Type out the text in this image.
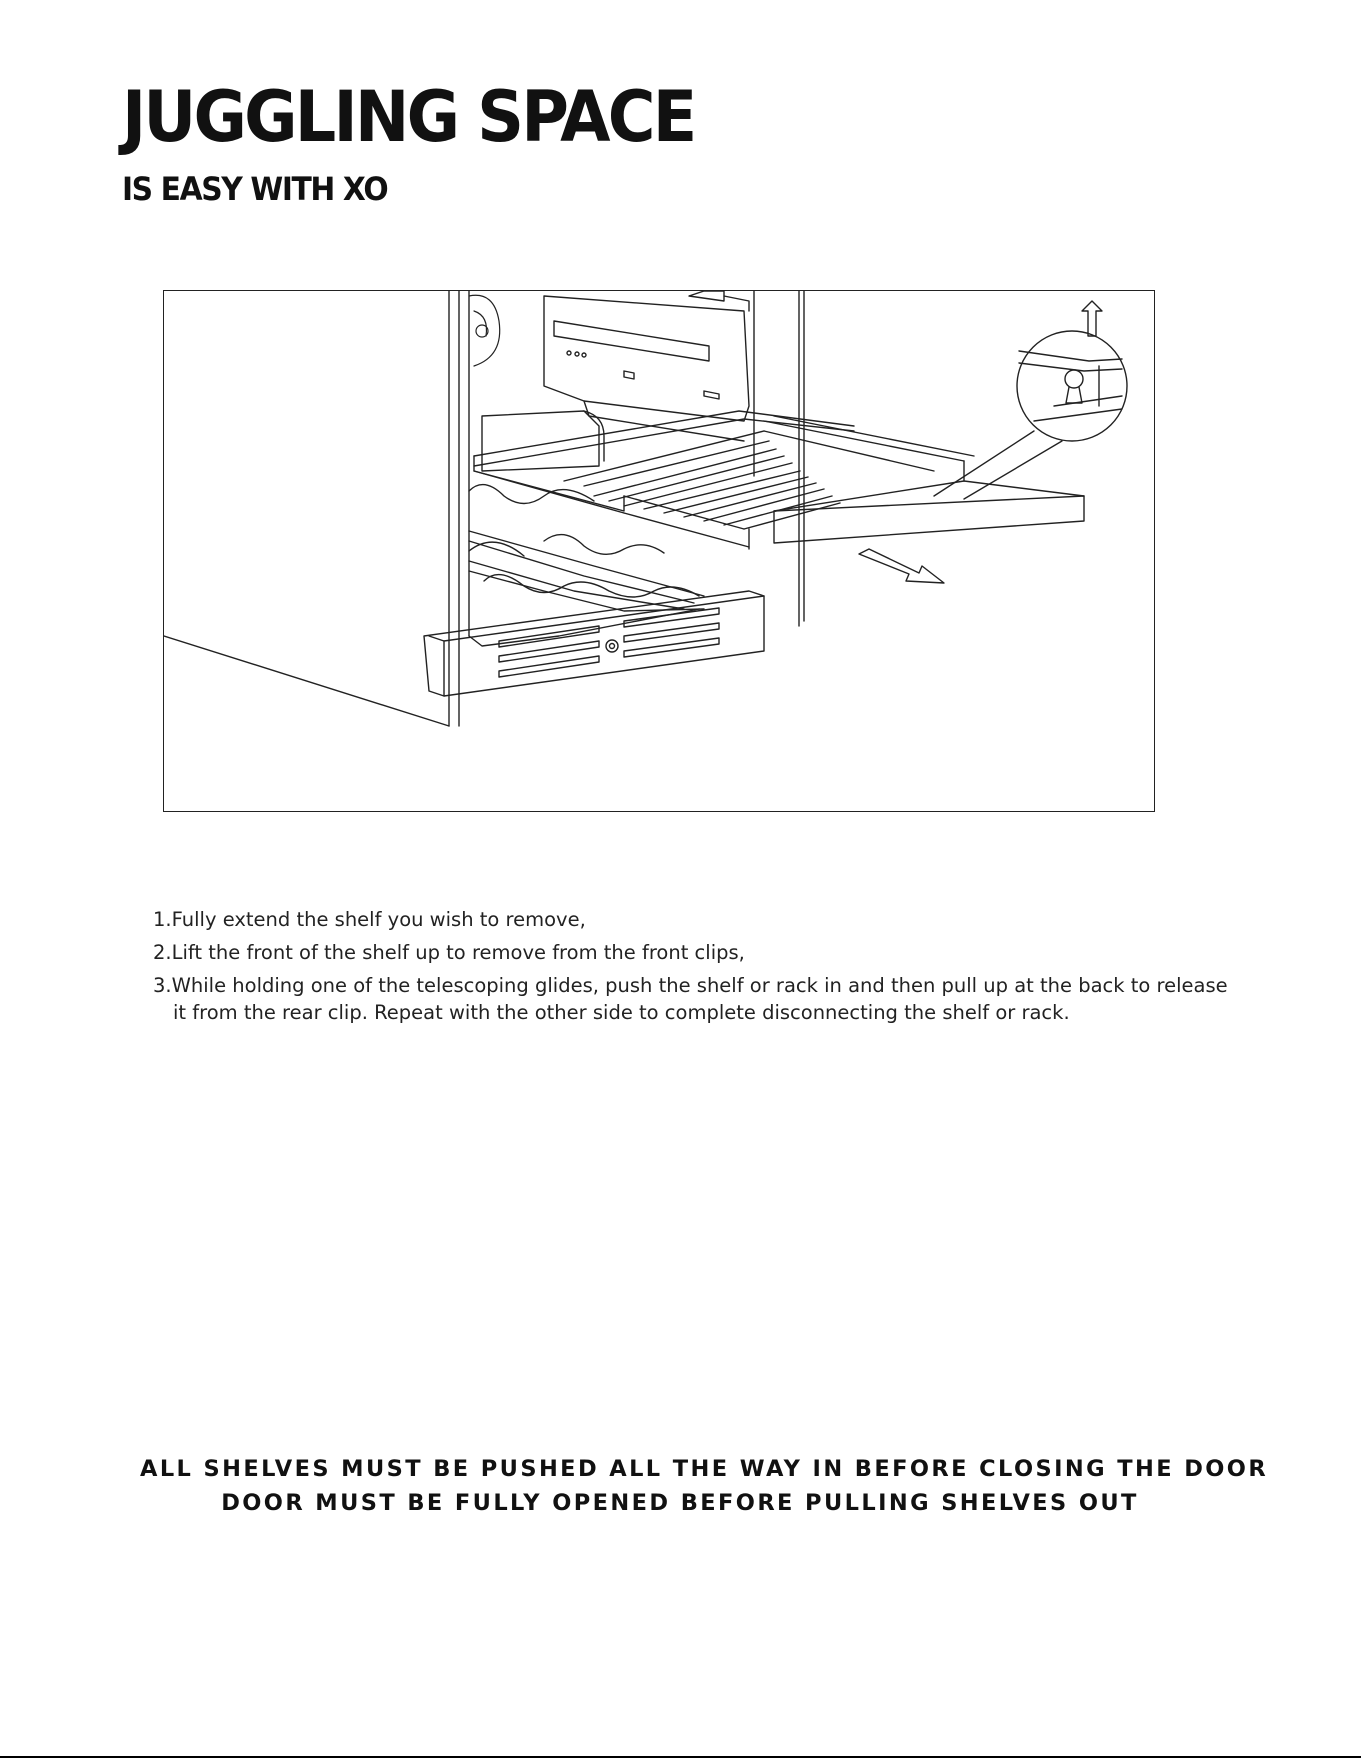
JUGGLING SPACE
IS EASY WITH XO
1.Fully extend the shelf you wish to remove,
2.Lift the front of the shelf up to remove from the front clips,
3.While holding one of the telescoping glides, push the shelf or rack in and then pull up at the back to release it from the rear clip. Repeat with the other side to complete disconnecting the shelf or rack.
ALL SHELVES MUST BE PUSHED ALL THE WAY IN BEFORE CLOSING THE DOOR
DOOR MUST BE FULLY OPENED BEFORE PULLING SHELVES OUT
